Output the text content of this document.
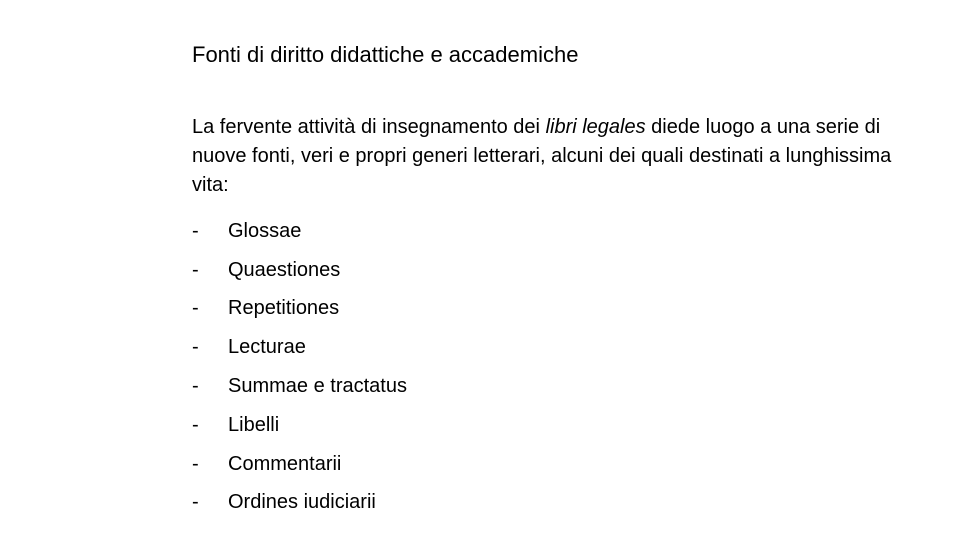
Fonti di diritto didattiche e accademiche

La fervente attività di insegnamento dei libri legales diede luogo a una serie di nuove fonti, veri e propri generi letterari, alcuni dei quali destinati a lunghissima vita:

-	Glossae
-	Quaestiones
-	Repetitiones
-	Lecturae
-	Summae e tractatus
-	Libelli
-	Commentarii
-	Ordines iudiciarii
